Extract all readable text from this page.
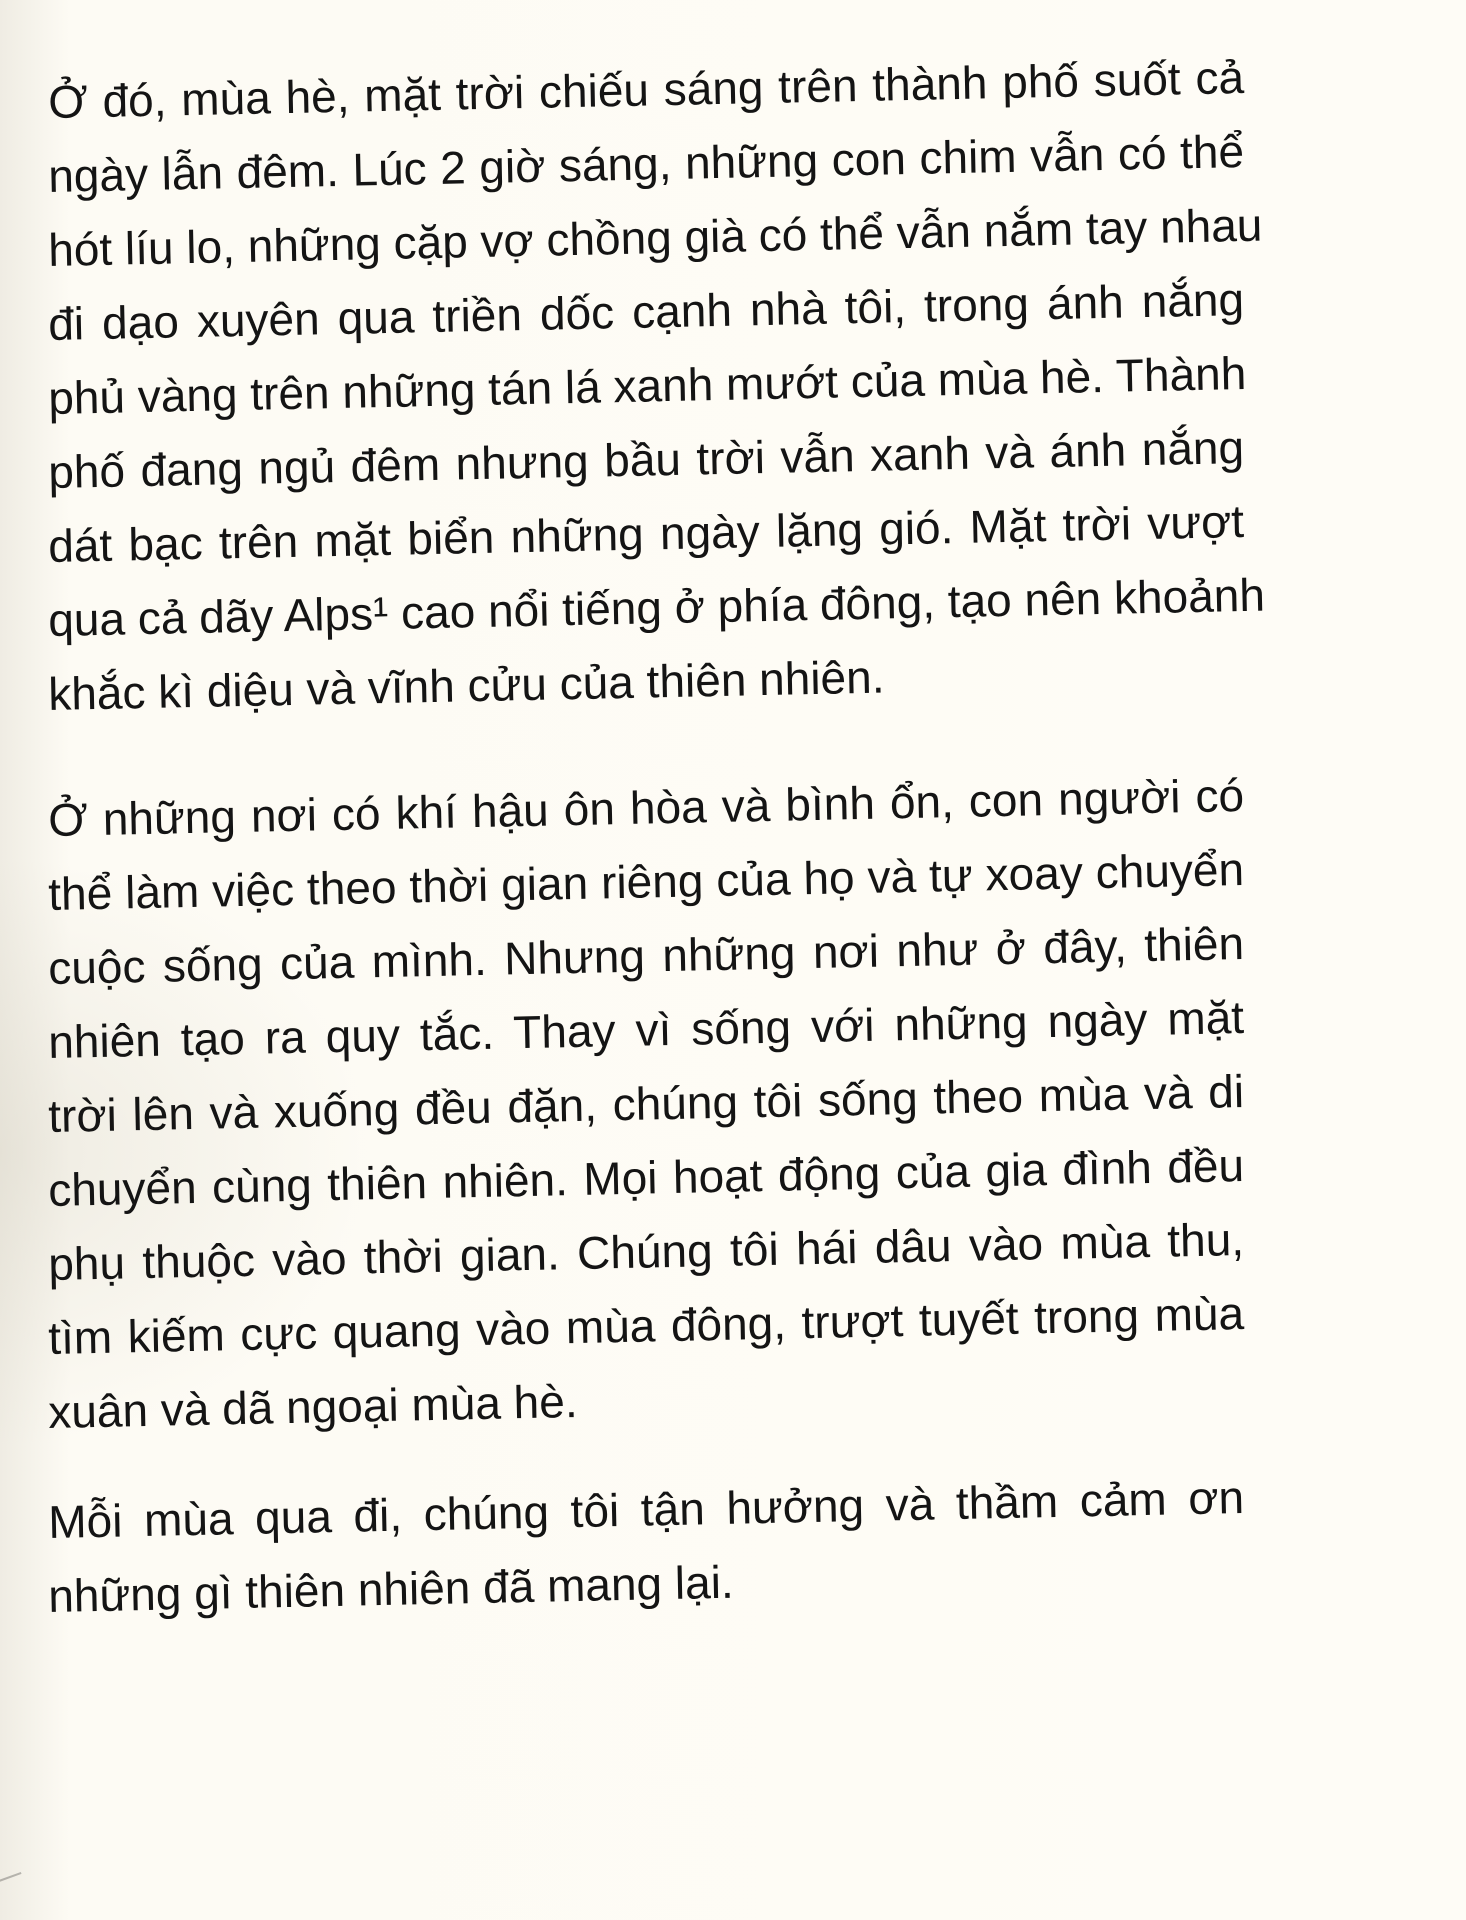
Ở đó, mùa hè, mặt trời chiếu sáng trên thành phố suốt cả
ngày lẫn đêm. Lúc 2 giờ sáng, những con chim vẫn có thể
hót líu lo, những cặp vợ chồng già có thể vẫn nắm tay nhau
đi dạo xuyên qua triền dốc cạnh nhà tôi, trong ánh nắng
phủ vàng trên những tán lá xanh mướt của mùa hè. Thành
phố đang ngủ đêm nhưng bầu trời vẫn xanh và ánh nắng
dát bạc trên mặt biển những ngày lặng gió. Mặt trời vượt
qua cả dãy Alps¹ cao nổi tiếng ở phía đông, tạo nên khoảnh
khắc kì diệu và vĩnh cửu của thiên nhiên.
Ở những nơi có khí hậu ôn hòa và bình ổn, con người có
thể làm việc theo thời gian riêng của họ và tự xoay chuyển
cuộc sống của mình. Nhưng những nơi như ở đây, thiên
nhiên tạo ra quy tắc. Thay vì sống với những ngày mặt
trời lên và xuống đều đặn, chúng tôi sống theo mùa và di
chuyển cùng thiên nhiên. Mọi hoạt động của gia đình đều
phụ thuộc vào thời gian. Chúng tôi hái dâu vào mùa thu,
tìm kiếm cực quang vào mùa đông, trượt tuyết trong mùa
xuân và dã ngoại mùa hè.
Mỗi mùa qua đi, chúng tôi tận hưởng và thầm cảm ơn
những gì thiên nhiên đã mang lại.
